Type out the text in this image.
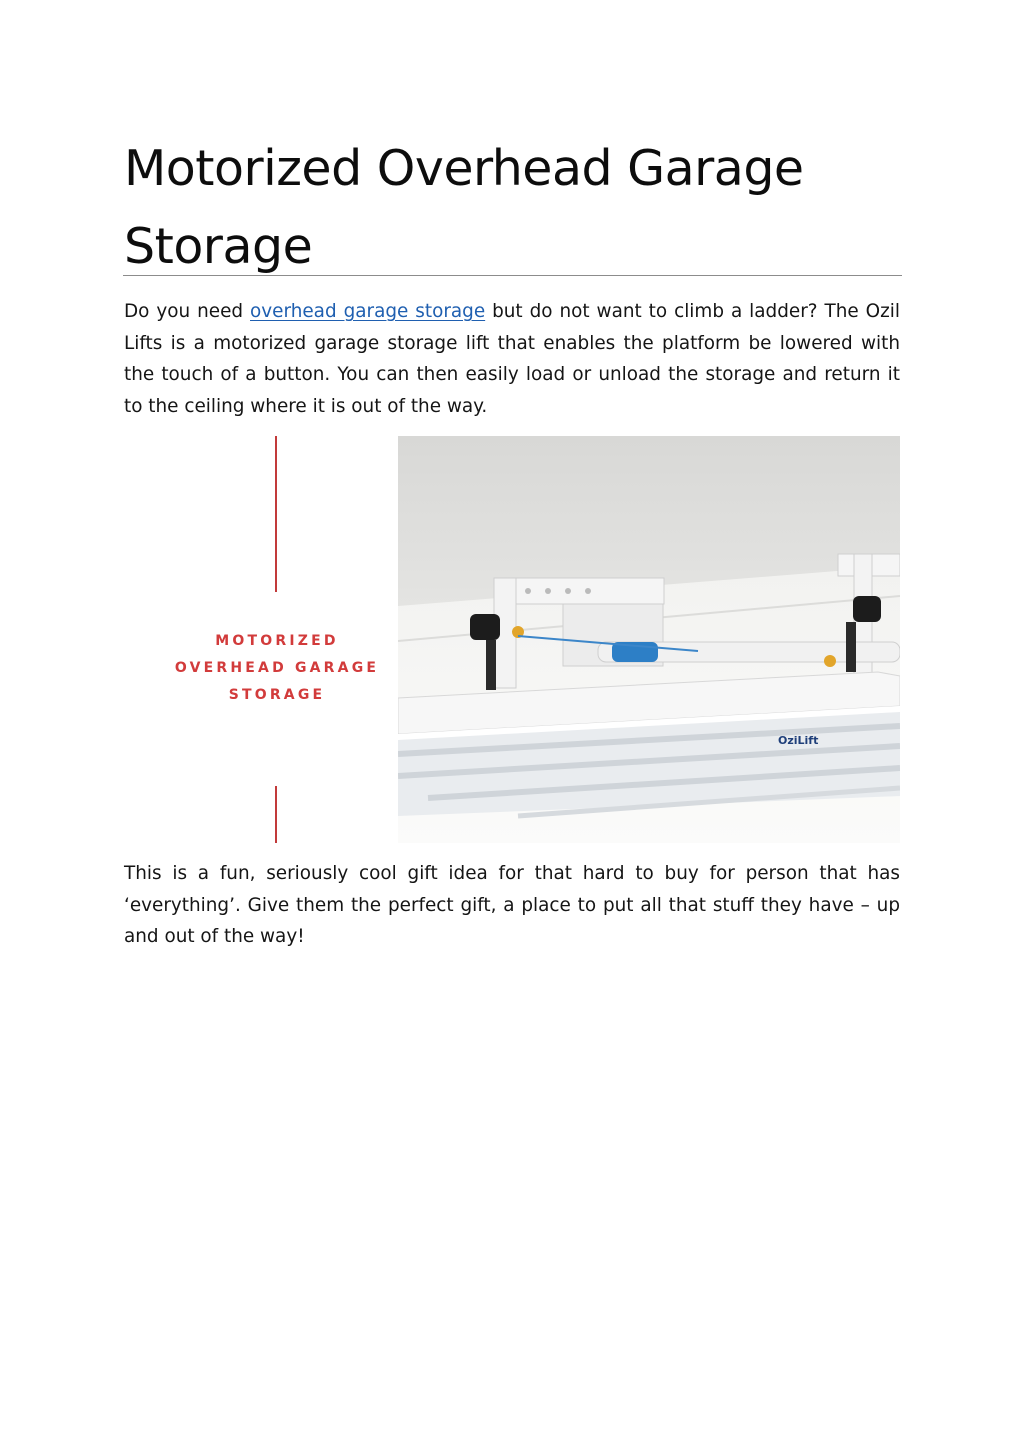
Motorized Overhead Garage Storage

Do you need overhead garage storage but do not want to climb a ladder? The Ozil Lifts is a motorized garage storage lift that enables the platform be lowered with the touch of a button. You can then easily load or unload the storage and return it to the ceiling where it is out of the way.

MOTORIZED
OVERHEAD GARAGE
STORAGE
OziLift

This is a fun, seriously cool gift idea for that hard to buy for person that has ‘everything’. Give them the perfect gift, a place to put all that stuff they have – up and out of the way!
